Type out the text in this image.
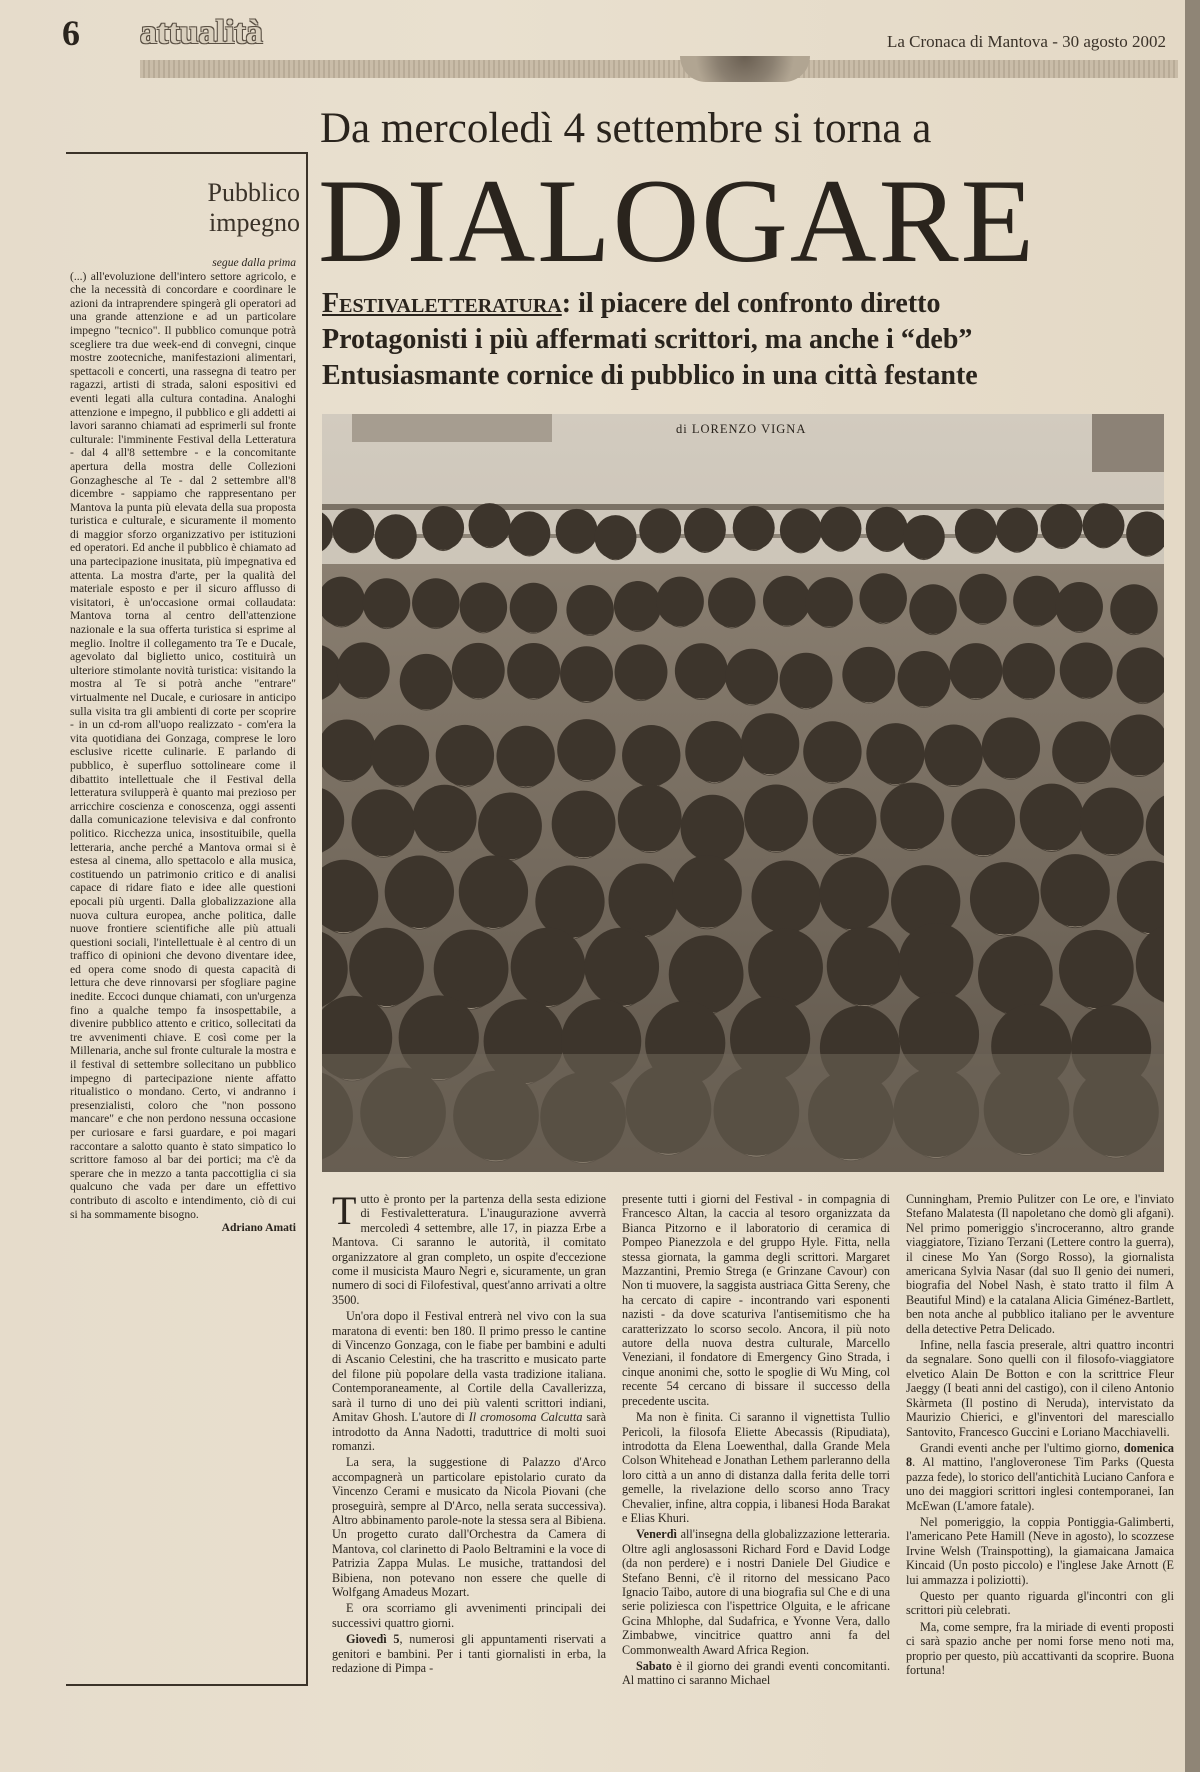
6 attualità	La Cronaca di Mantova - 30 agosto 2002
Pubblico
impegno
segue dalla prima
(...) all'evoluzione dell'intero settore agricolo, e che la necessità di concordare e coordinare le azioni da intraprendere spingerà gli operatori ad una grande attenzione e ad un particolare impegno "tecnico". Il pubblico comunque potrà scegliere tra due week-end di convegni, cinque mostre zootecniche, manifestazioni alimentari, spettacoli e concerti, una rassegna di teatro per ragazzi, artisti di strada, saloni espositivi ed eventi legati alla cultura contadina. Analoghi attenzione e impegno, il pubblico e gli addetti ai lavori saranno chiamati ad esprimerli sul fronte culturale: l'imminente Festival della Letteratura - dal 4 all'8 settembre - e la concomitante apertura della mostra delle Collezioni Gonzaghesche al Te - dal 2 settembre all'8 dicembre - sappiamo che rappresentano per Mantova la punta più elevata della sua proposta turistica e culturale, e sicuramente il momento di maggior sforzo organizzativo per istituzioni ed operatori. Ed anche il pubblico è chiamato ad una partecipazione inusitata, più impegnativa ed attenta. La mostra d'arte, per la qualità del materiale esposto e per il sicuro afflusso di visitatori, è un'occasione ormai collaudata: Mantova torna al centro dell'attenzione nazionale e la sua offerta turistica si esprime al meglio. Inoltre il collegamento tra Te e Ducale, agevolato dal biglietto unico, costituirà un ulteriore stimolante novità turistica: visitando la mostra al Te si potrà anche "entrare" virtualmente nel Ducale, e curiosare in anticipo sulla visita tra gli ambienti di corte per scoprire - in un cd-rom all'uopo realizzato - com'era la vita quotidiana dei Gonzaga, comprese le loro esclusive ricette culinarie. E parlando di pubblico, è superfluo sottolineare come il dibattito intellettuale che il Festival della letteratura svilupperà è quanto mai prezioso per arricchire coscienza e conoscenza, oggi assenti dalla comunicazione televisiva e dal confronto politico. Ricchezza unica, insostituibile, quella letteraria, anche perché a Mantova ormai si è estesa al cinema, allo spettacolo e alla musica, costituendo un patrimonio critico e di analisi capace di ridare fiato e idee alle questioni epocali più urgenti. Dalla globalizzazione alla nuova cultura europea, anche politica, dalle nuove frontiere scientifiche alle più attuali questioni sociali, l'intellettuale è al centro di un traffico di opinioni che devono diventare idee, ed opera come snodo di questa capacità di lettura che deve rinnovarsi per sfogliare pagine inedite. Eccoci dunque chiamati, con un'urgenza fino a qualche tempo fa insospettabile, a divenire pubblico attento e critico, sollecitati da tre avvenimenti chiave. E così come per la Millenaria, anche sul fronte culturale la mostra e il festival di settembre sollecitano un pubblico impegno di partecipazione niente affatto ritualistico o mondano. Certo, vi andranno i presenzialisti, coloro che "non possono mancare" e che non perdono nessuna occasione per curiosare e farsi guardare, e poi magari raccontare a salotto quanto è stato simpatico lo scrittore famoso al bar dei portici; ma c'è da sperare che in mezzo a tanta paccottiglia ci sia qualcuno che vada per dare un effettivo contributo di ascolto e intendimento, ciò di cui si ha sommamente bisogno.
Adriano Amati
Da mercoledì 4 settembre si torna a
DIALOGARE
Festivaletteratura: il piacere del confronto diretto
Protagonisti i più affermati scrittori, ma anche i “deb”
Entusiasmante cornice di pubblico in una città festante
di LORENZO VIGNA

Tutto è pronto per la partenza della sesta edizione di Festivaletteratura. L'inaugurazione avverrà mercoledì 4 settembre, alle 17, in piazza Erbe a Mantova. Ci saranno le autorità, il comitato organizzatore al gran completo, un ospite d'eccezione come il musicista Mauro Negri e, sicuramente, un gran numero di soci di Filofestival, quest'anno arrivati a oltre 3500.

Un'ora dopo il Festival entrerà nel vivo con la sua maratona di eventi: ben 180. Il primo presso le cantine di Vincenzo Gonzaga, con le fiabe per bambini e adulti di Ascanio Celestini, che ha trascritto e musicato parte del filone più popolare della vasta tradizione italiana. Contemporaneamente, al Cortile della Cavallerizza, sarà il turno di uno dei più valenti scrittori indiani, Amitav Ghosh. L'autore di Il cromosoma Calcutta sarà introdotto da Anna Nadotti, traduttrice di molti suoi romanzi.

La sera, la suggestione di Palazzo d'Arco accompagnerà un particolare epistolario curato da Vincenzo Cerami e musicato da Nicola Piovani (che proseguirà, sempre al D'Arco, nella serata successiva). Altro abbinamento parole-note la stessa sera al Bibiena. Un progetto curato dall'Orchestra da Camera di Mantova, col clarinetto di Paolo Beltramini e la voce di Patrizia Zappa Mulas. Le musiche, trattandosi del Bibiena, non potevano non essere che quelle di Wolfgang Amadeus Mozart.

E ora scorriamo gli avvenimenti principali dei successivi quattro giorni.

Giovedì 5, numerosi gli appuntamenti riservati a genitori e bambini. Per i tanti giornalisti in erba, la redazione di Pimpa -

presente tutti i giorni del Festival - in compagnia di Francesco Altan, la caccia al tesoro organizzata da Bianca Pitzorno e il laboratorio di ceramica di Pompeo Pianezzola e del gruppo Hyle. Fitta, nella stessa giornata, la gamma degli scrittori. Margaret Mazzantini, Premio Strega (e Grinzane Cavour) con Non ti muovere, la saggista austriaca Gitta Sereny, che ha cercato di capire - incontrando vari esponenti nazisti - da dove scaturiva l'antisemitismo che ha caratterizzato lo scorso secolo. Ancora, il più noto autore della nuova destra culturale, Marcello Veneziani, il fondatore di Emergency Gino Strada, i cinque anonimi che, sotto le spoglie di Wu Ming, col recente 54 cercano di bissare il successo della precedente uscita.

Ma non è finita. Ci saranno il vignettista Tullio Pericoli, la filosofa Eliette Abecassis (Ripudiata), introdotta da Elena Loewenthal, dalla Grande Mela Colson Whitehead e Jonathan Lethem parleranno della loro città a un anno di distanza dalla ferita delle torri gemelle, la rivelazione dello scorso anno Tracy Chevalier, infine, altra coppia, i libanesi Hoda Barakat e Elias Khuri.

Venerdì all'insegna della globalizzazione letteraria. Oltre agli anglosassoni Richard Ford e David Lodge (da non perdere) e i nostri Daniele Del Giudice e Stefano Benni, c'è il ritorno del messicano Paco Ignacio Taibo, autore di una biografia sul Che e di una serie poliziesca con l'ispettrice Olguita, e le africane Gcina Mhlophe, dal Sudafrica, e Yvonne Vera, dallo Zimbabwe, vincitrice quattro anni fa del Commonwealth Award Africa Region.

Sabato è il giorno dei grandi eventi concomitanti. Al mattino ci saranno Michael

Cunningham, Premio Pulitzer con Le ore, e l'inviato Stefano Malatesta (Il napoletano che domò gli afgani). Nel primo pomeriggio s'incroceranno, altro grande viaggiatore, Tiziano Terzani (Lettere contro la guerra), il cinese Mo Yan (Sorgo Rosso), la giornalista americana Sylvia Nasar (dal suo Il genio dei numeri, biografia del Nobel Nash, è stato tratto il film A Beautiful Mind) e la catalana Alicia Giménez-Bartlett, ben nota anche al pubblico italiano per le avventure della detective Petra Delicado.

Infine, nella fascia preserale, altri quattro incontri da segnalare. Sono quelli con il filosofo-viaggiatore elvetico Alain De Botton e con la scrittrice Fleur Jaeggy (I beati anni del castigo), con il cileno Antonio Skàrmeta (Il postino di Neruda), intervistato da Maurizio Chierici, e gl'inventori del maresciallo Santovito, Francesco Guccini e Loriano Macchiavelli.

Grandi eventi anche per l'ultimo giorno, domenica 8. Al mattino, l'angloveronese Tim Parks (Questa pazza fede), lo storico dell'antichità Luciano Canfora e uno dei maggiori scrittori inglesi contemporanei, Ian McEwan (L'amore fatale).

Nel pomeriggio, la coppia Pontiggia-Galimberti, l'americano Pete Hamill (Neve in agosto), lo scozzese Irvine Welsh (Trainspotting), la giamaicana Jamaica Kincaid (Un posto piccolo) e l'inglese Jake Arnott (E lui ammazza i poliziotti).

Questo per quanto riguarda gl'incontri con gli scrittori più celebrati.

Ma, come sempre, fra la miriade di eventi proposti ci sarà spazio anche per nomi forse meno noti ma, proprio per questo, più accattivanti da scoprire. Buona fortuna!
